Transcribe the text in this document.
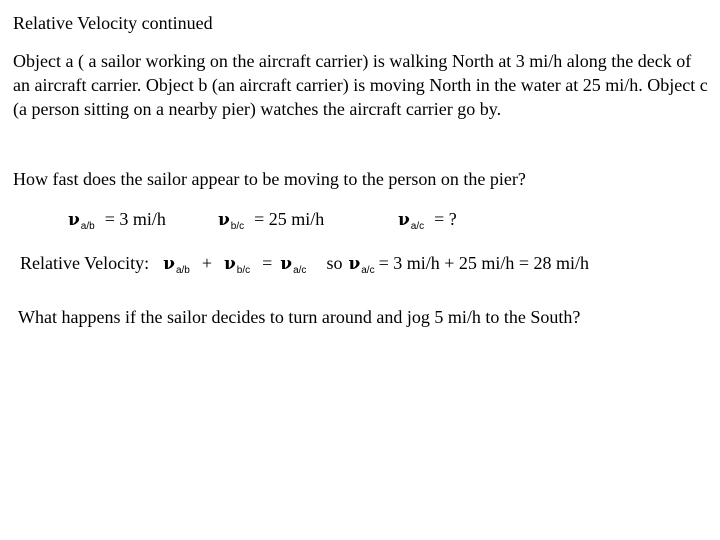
Relative Velocity continued
Object a ( a sailor working on the aircraft carrier) is walking North at 3 mi/h along the deck of an aircraft carrier. Object b (an aircraft carrier) is moving North in the water at 25 mi/h. Object c (a person sitting on a nearby pier) watches the aircraft carrier go by.
How fast does the sailor appear to be moving to the person on the pier?
ν a/b = 3 mi/h	ν b/c = 25 mi/h	ν a/c = ?
Relative Velocity: ν a/b + ν b/c = ν a/c so ν a/c = 3 mi/h + 25 mi/h = 28 mi/h
What happens if the sailor decides to turn around and jog 5 mi/h to the South?
